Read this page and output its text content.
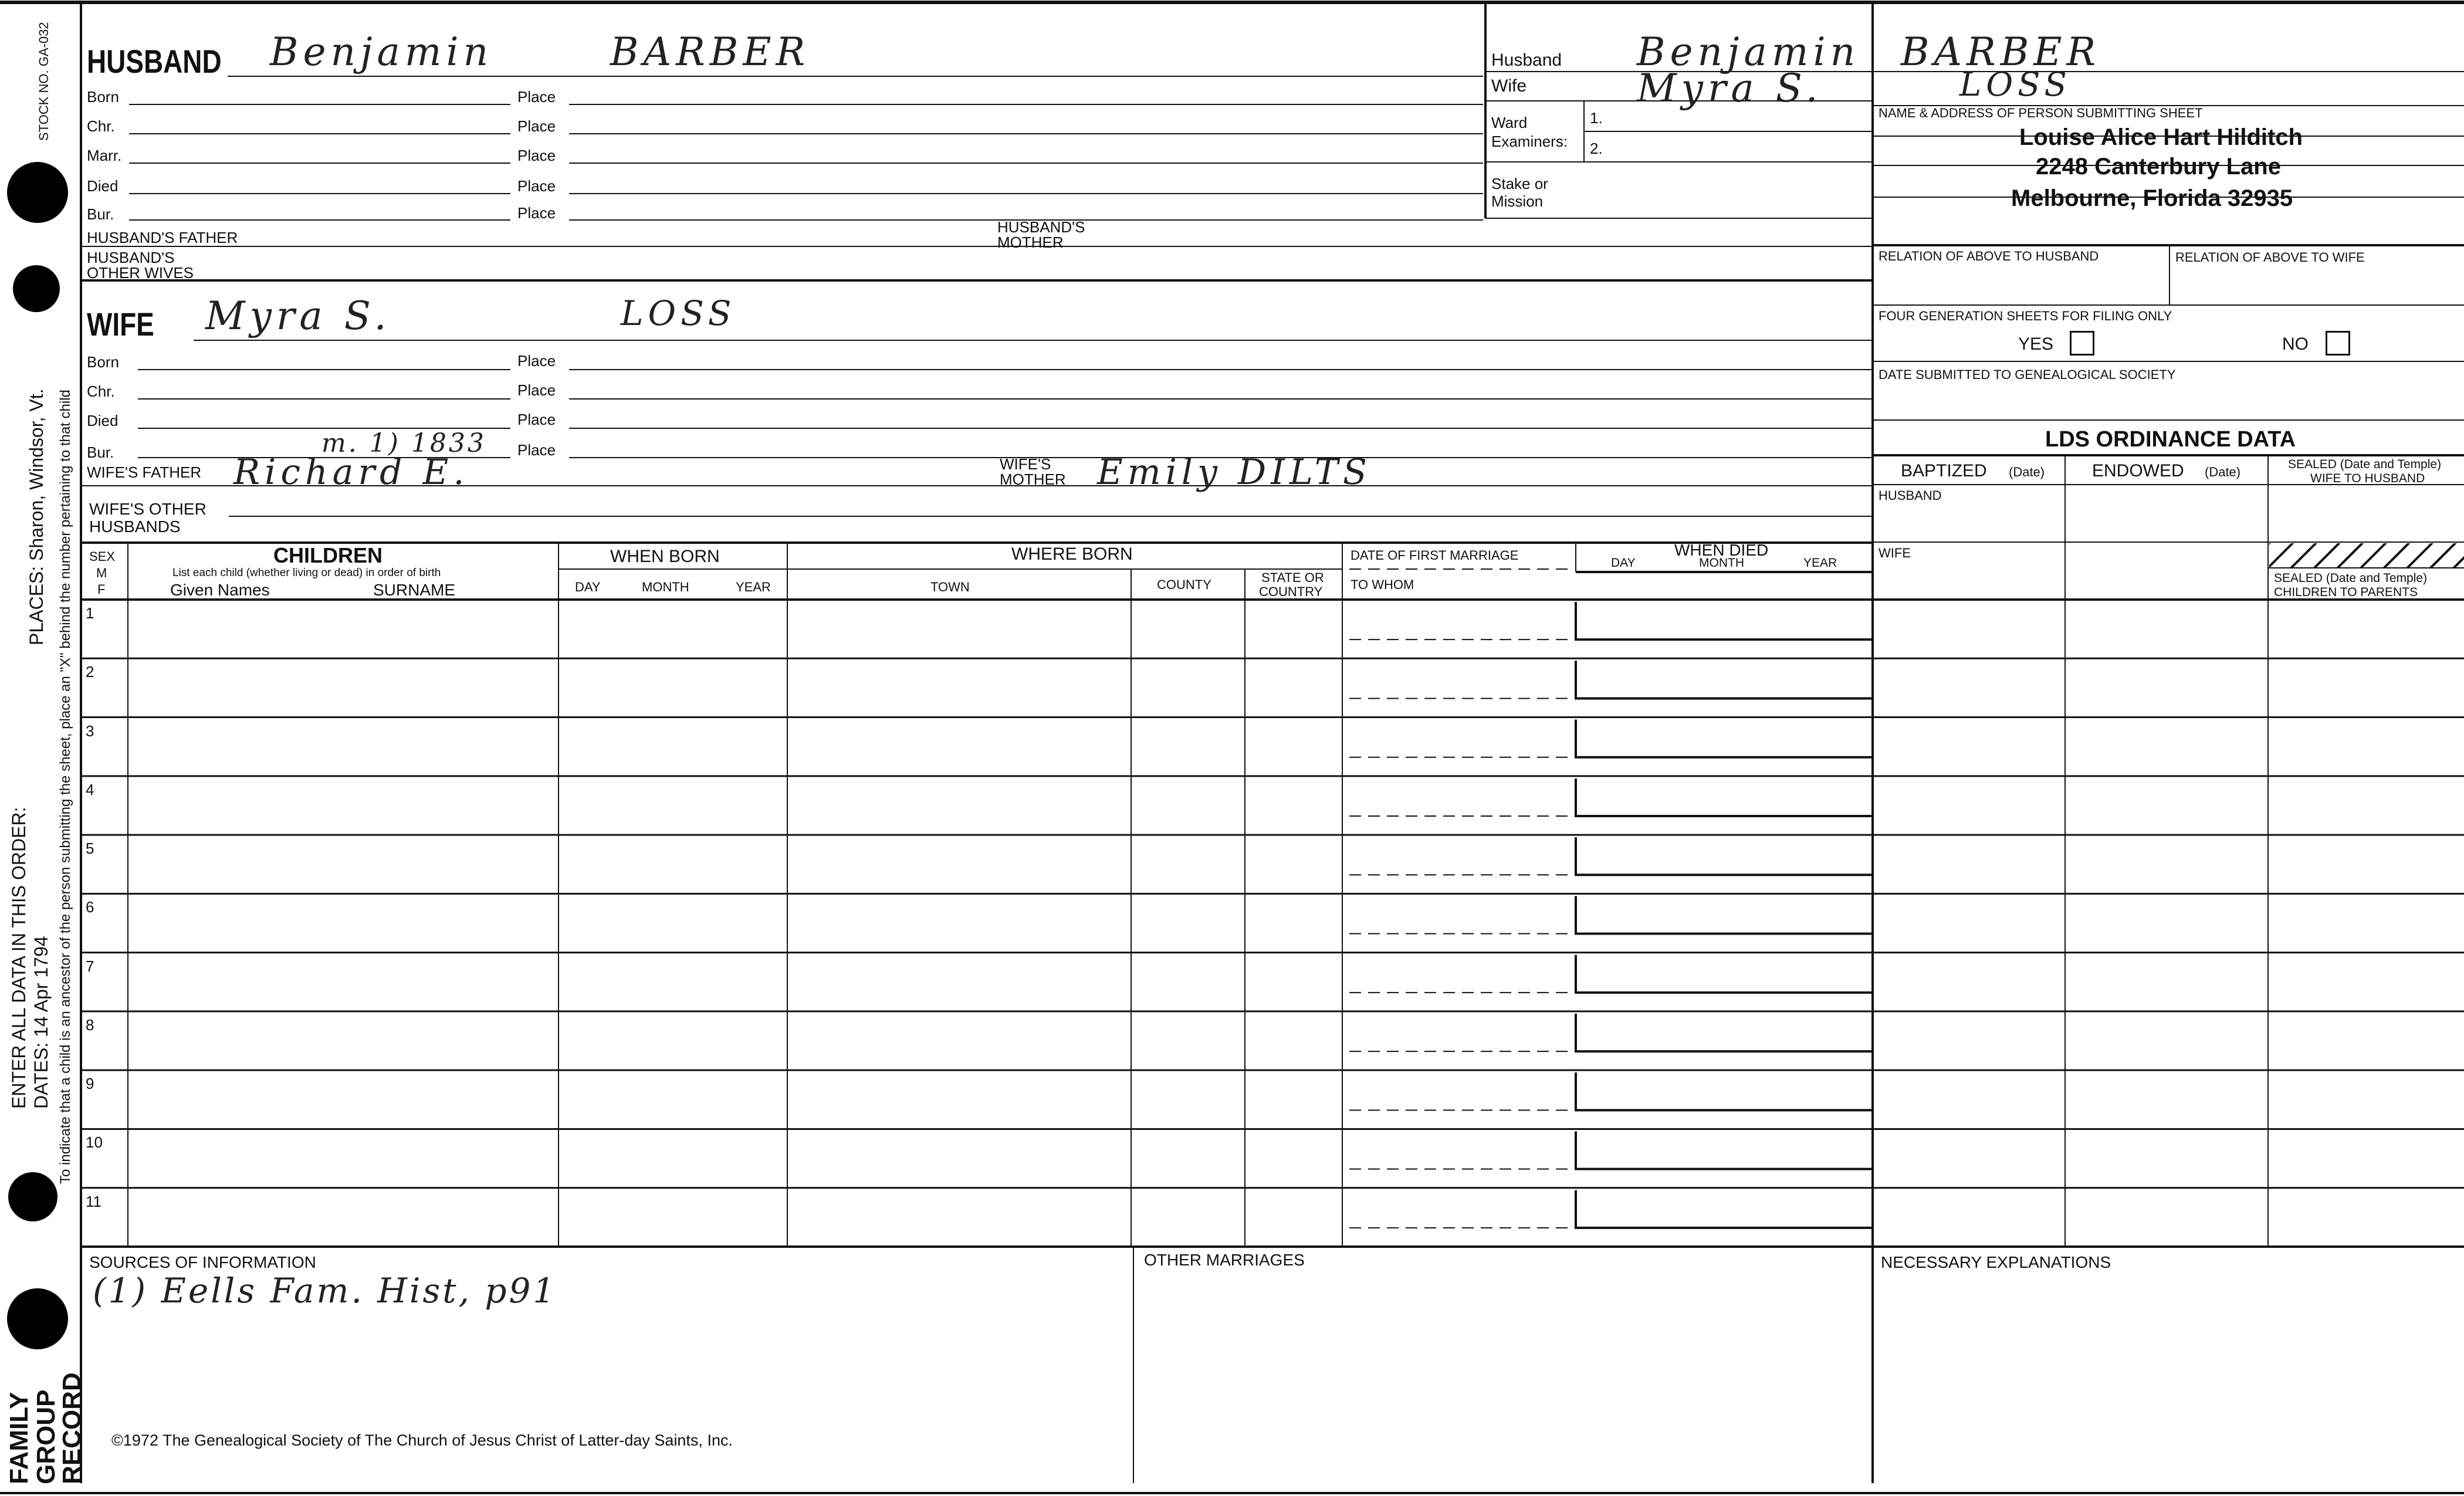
STOCK NO. GA-032
PLACES: Sharon, Windsor, Vt.
ENTER ALL DATA IN THIS ORDER: DATES: 14 Apr 1794 To indicate that a child is an ancestor of the person submitting the sheet, place an "X" behind the number pertaining to that child
FAMILY
GROUP
RECORD
HUSBAND Benjamin	BARBER
Born	Place
Chr.	Place
Marr.	Place
Died	Place
Bur.	Place
HUSBAND'S FATHER
HUSBAND'S
MOTHER
HUSBAND'S
OTHER WIVES
Husband Benjamin BARBER
Wife	Myra S.	LOSS
Ward
Examiners:
1.
2.
Stake or
Mission
NAME & ADDRESS OF PERSON SUBMITTING SHEET
Louise Alice Hart Hilditch
2248 Canterbury Lane
Melbourne, Florida 32935
RELATION OF ABOVE TO HUSBAND	RELATION OF ABOVE TO WIFE
FOUR GENERATION SHEETS FOR FILING ONLY
YES	NO
DATE SUBMITTED TO GENEALOGICAL SOCIETY
LDS ORDINANCE DATA
BAPTIZED (Date)	ENDOWED (Date)
SEALED (Date and Temple)
WIFE TO HUSBAND
HUSBAND
WIFE
SEALED (Date and Temple)
CHILDREN TO PARENTS
WIFE Myra S.	LOSS
Born	Place
Chr.	Place
Died	Place
Bur.	Place
m. 1) 1833
WIFE'S FATHER Richard E.	WIFE'S
MOTHER Emily DILTS
WIFE'S OTHER
HUSBANDS
SEX
M
F
CHILDREN
List each child (whether living or dead) in order of birth
Given Names	SURNAME
WHEN BORN
DAY	MONTH	YEAR
WHERE BORN
TOWN	COUNTY	STATE OR
COUNTRY
DATE OF FIRST MARRIAGE
TO WHOM
WHEN DIED
DAY	MONTH	YEAR
1
2
3
4
5
6
7
8
9
10
11
SOURCES OF INFORMATION
(1) Eells Fam. Hist, p91
OTHER MARRIAGES	NECESSARY EXPLANATIONS
©1972 The Genealogical Society of The Church of Jesus Christ of Latter-day Saints, Inc.
